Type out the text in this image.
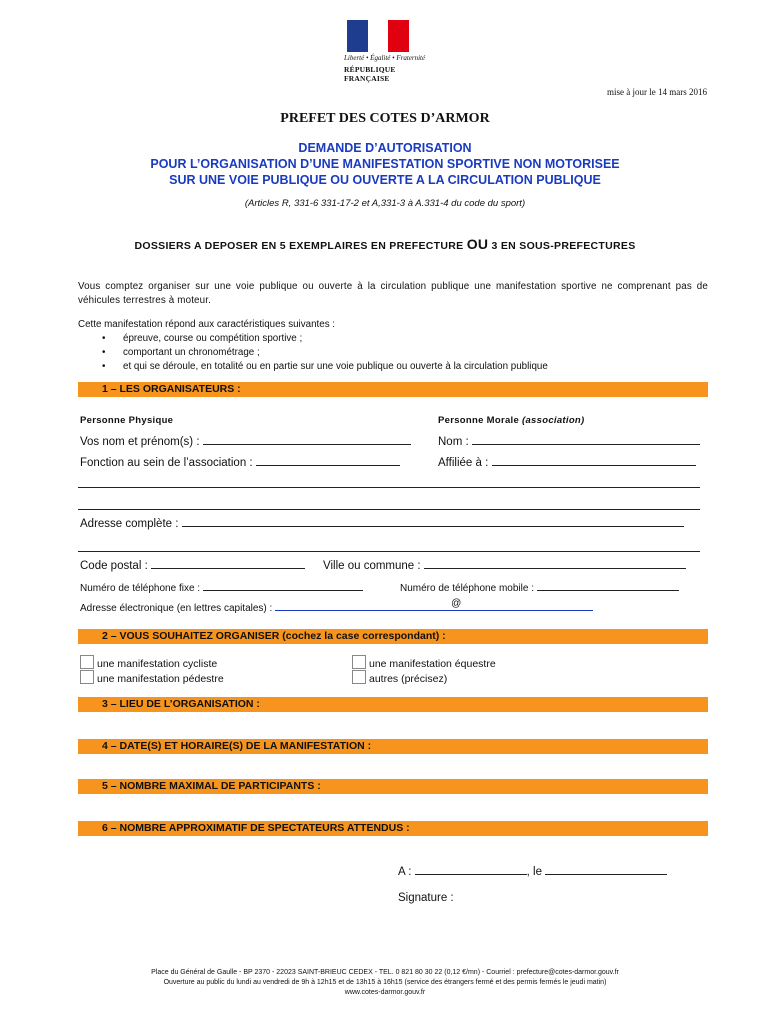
Liberté • Égalité • Fraternité
RÉPUBLIQUE FRANÇAISE
mise à jour le 14 mars 2016
PREFET DES COTES D’ARMOR
DEMANDE D’AUTORISATION
POUR L’ORGANISATION D’UNE MANIFESTATION SPORTIVE NON MOTORISEE
SUR UNE VOIE PUBLIQUE OU OUVERTE A LA CIRCULATION PUBLIQUE
(Articles R, 331-6 331-17-2 et A,331-3 à A.331-4 du code du sport)
DOSSIERS A DEPOSER EN 5 EXEMPLAIRES EN PREFECTURE OU 3 EN SOUS-PREFECTURES
Vous comptez organiser sur une voie publique ou ouverte à la circulation publique une manifestation sportive ne comprenant pas de véhicules terrestres à moteur.
Cette manifestation répond aux caractéristiques suivantes :
• épreuve, course ou compétition sportive ;
• comportant un chronométrage ;
• et qui se déroule, en totalité ou en partie sur une voie publique ou ouverte à la circulation publique
1 – LES ORGANISATEURS :
Personne Physique	Personne Morale (association)
Vos nom et prénom(s) :	Nom :
Fonction au sein de l’association :	Affiliée à :
Adresse complète :
Code postal :	Ville ou commune :
Numéro de téléphone fixe :	Numéro de téléphone mobile :
Adresse électronique (en lettres capitales) :	@
2 – VOUS SOUHAITEZ ORGANISER (cochez la case correspondant) :
une manifestation cycliste
une manifestation pédestre
une manifestation équestre
autres (précisez)
3 – LIEU DE L’ORGANISATION :
4 – DATE(S) ET HORAIRE(S) DE LA MANIFESTATION :
5 – NOMBRE MAXIMAL DE PARTICIPANTS :
6 – NOMBRE APPROXIMATIF DE SPECTATEURS ATTENDUS :
A :	, le
Signature :
Place du Général de Gaulle - BP 2370 - 22023 SAINT-BRIEUC CEDEX - TEL. 0 821 80 30 22 (0,12 €/mn) - Courriel : prefecture@cotes-darmor.gouv.fr
Ouverture au public du lundi au vendredi de 9h à 12h15 et de 13h15 à 16h15 (service des étrangers fermé et des permis fermés le jeudi matin)
www.cotes-darmor.gouv.fr
